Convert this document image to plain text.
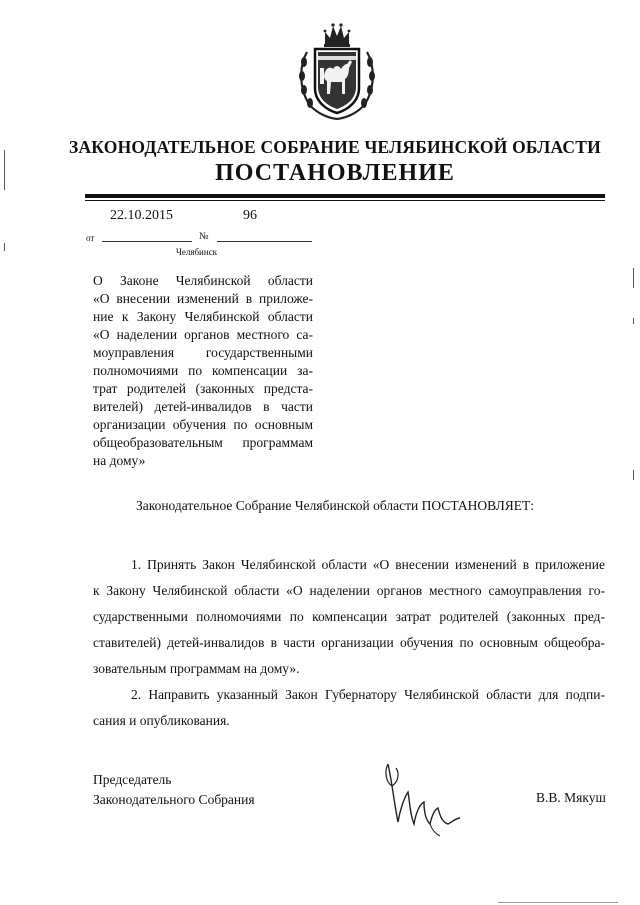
ЗАКОНОДАТЕЛЬНОЕ СОБРАНИЕ ЧЕЛЯБИНСКОЙ ОБЛАСТИ
ПОСТАНОВЛЕНИЕ
22.10.2015	96
от	№
Челябинск
О Законе Челябинской области
«О внесении изменений в приложе-
ние к Закону Челябинской области
«О наделении органов местного са-
моуправления государственными
полномочиями по компенсации за-
трат родителей (законных предста-
вителей) детей-инвалидов в части
организации обучения по основным
общеобразовательным программам
на дому»
Законодательное Собрание Челябинской области ПОСТАНОВЛЯЕТ:
1. Принять Закон Челябинской области «О внесении изменений в приложение
к Закону Челябинской области «О наделении органов местного самоуправления го-
сударственными полномочиями по компенсации затрат родителей (законных пред-
ставителей) детей-инвалидов в части организации обучения по основным общеобра-
зовательным программам на дому».
2. Направить указанный Закон Губернатору Челябинской области для подпи-
сания и опубликования.
Председатель
Законодательного Собрания	В.В. Мякуш
